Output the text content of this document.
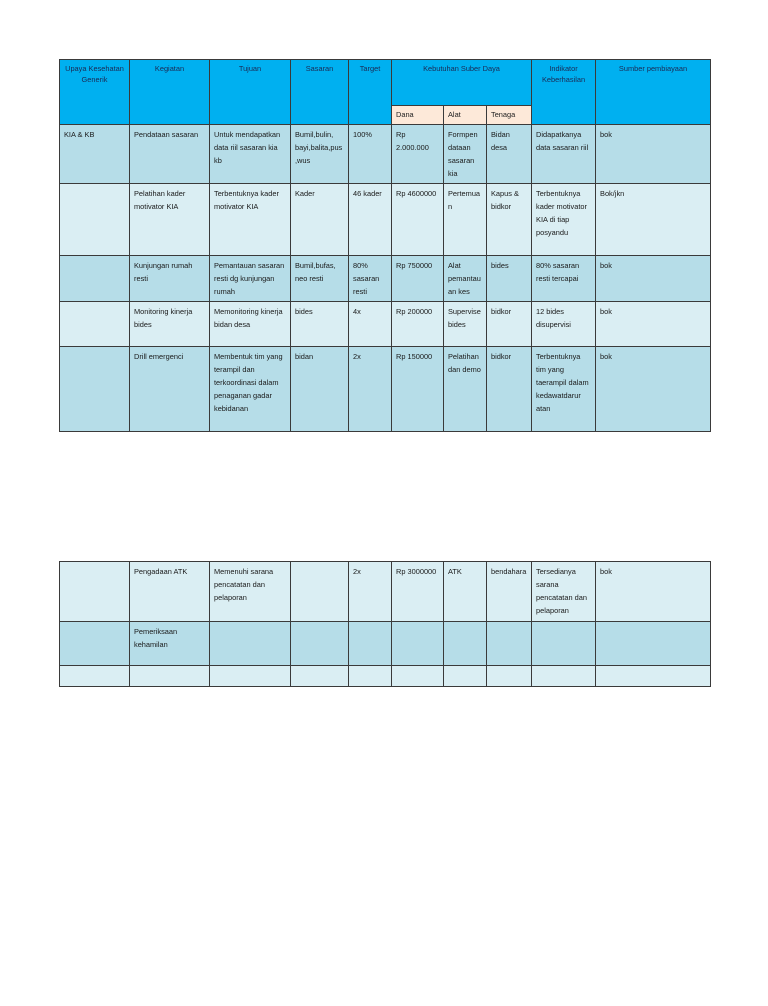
Upaya Kesehatan Generik	Kegiatan	Tujuan	Sasaran	Target	Kebutuhan Suber Daya			Indikator Keberhasilan	Sumber pembiayaan
					Dana	Alat	Tenaga		
KIA & KB	Pendataan sasaran	Untuk mendapatkan data riil sasaran kia kb	Bumil,bulin, bayi,balita,pus,wus	100%	Rp 2.000.000	Formpen dataan sasaran kia	Bidan desa	Didapatkanya data sasaran riil	bok
	Pelatihan kader motivator KIA	Terbentuknya kader motivator KIA	Kader	46 kader	Rp 4600000	Pertemuan	Kapus & bidkor	Terbentuknya kader motivator KIA di tiap posyandu	Bok/jkn
	Kunjungan rumah resti	Pemantauan sasaran resti dg kunjungan rumah	Bumil,bufas, neo resti	80% sasaran resti	Rp 750000	Alat pemantauan kes	bides	80% sasaran resti tercapai	bok
	Monitoring kinerja bides	Memonitoring kinerja bidan desa	bides	4x	Rp 200000	Supervise bides	bidkor	12 bides disupervisi	bok
	Drill emergenci	Membentuk tim yang terampil dan terkoordinasi dalam penaganan gadar kebidanan	bidan	2x	Rp 150000	Pelatihan dan demo	bidkor	Terbentuknya tim yang taerampil dalam kedawatdarur atan	bok
	Pengadaan ATK	Memenuhi sarana pencatatan dan pelaporan		2x	Rp 3000000	ATK	bendahara	Tersedianya sarana pencatatan dan pelaporan	bok
	Pemeriksaan kehamilan								
